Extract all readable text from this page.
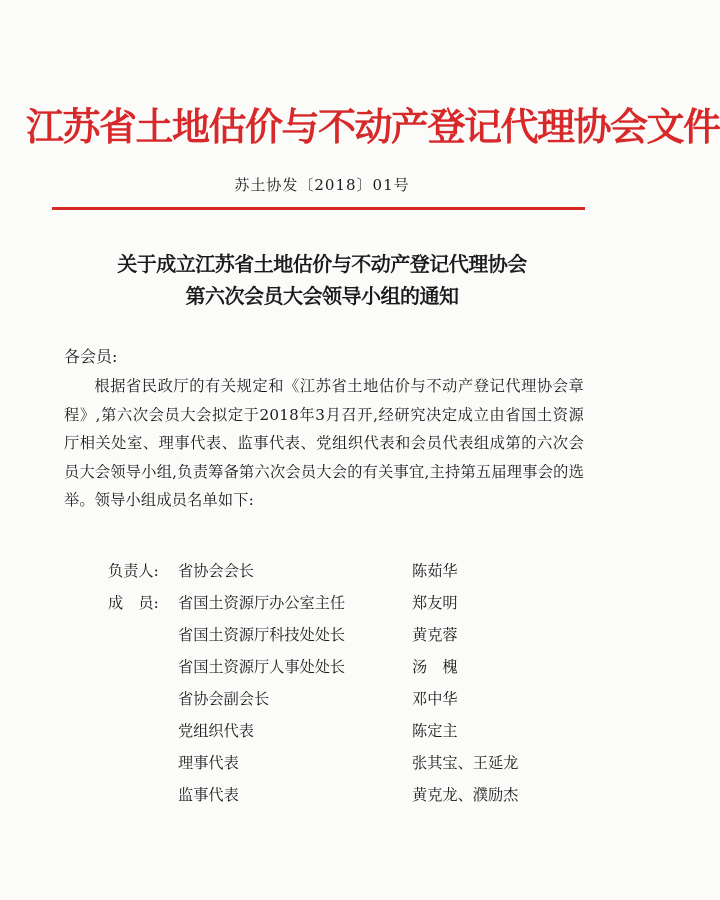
江苏省土地估价与不动产登记代理协会文件
苏土协发〔2018〕01号
关于成立江苏省土地估价与不动产登记代理协会
第六次会员大会领导小组的通知
各会员:
根据省民政厅的有关规定和《江苏省土地估价与不动产登记代理协会章程》,第六次会员大会拟定于2018年3月召开,经研究决定成立由省国土资源厅相关处室、理事代表、监事代表、党组织代表和会员代表组成第的六次会员大会领导小组,负责筹备第六次会员大会的有关事宜,主持第五届理事会的选举。领导小组成员名单如下:
负责人: 省协会会长	陈茹华
成　员: 省国土资源厅办公室主任	郑友明
省国土资源厅科技处处长	黄克蓉
省国土资源厅人事处处长	汤　槐
省协会副会长	邓中华
党组织代表	陈定主
理事代表	张其宝、王延龙
监事代表	黄克龙、濮励杰
